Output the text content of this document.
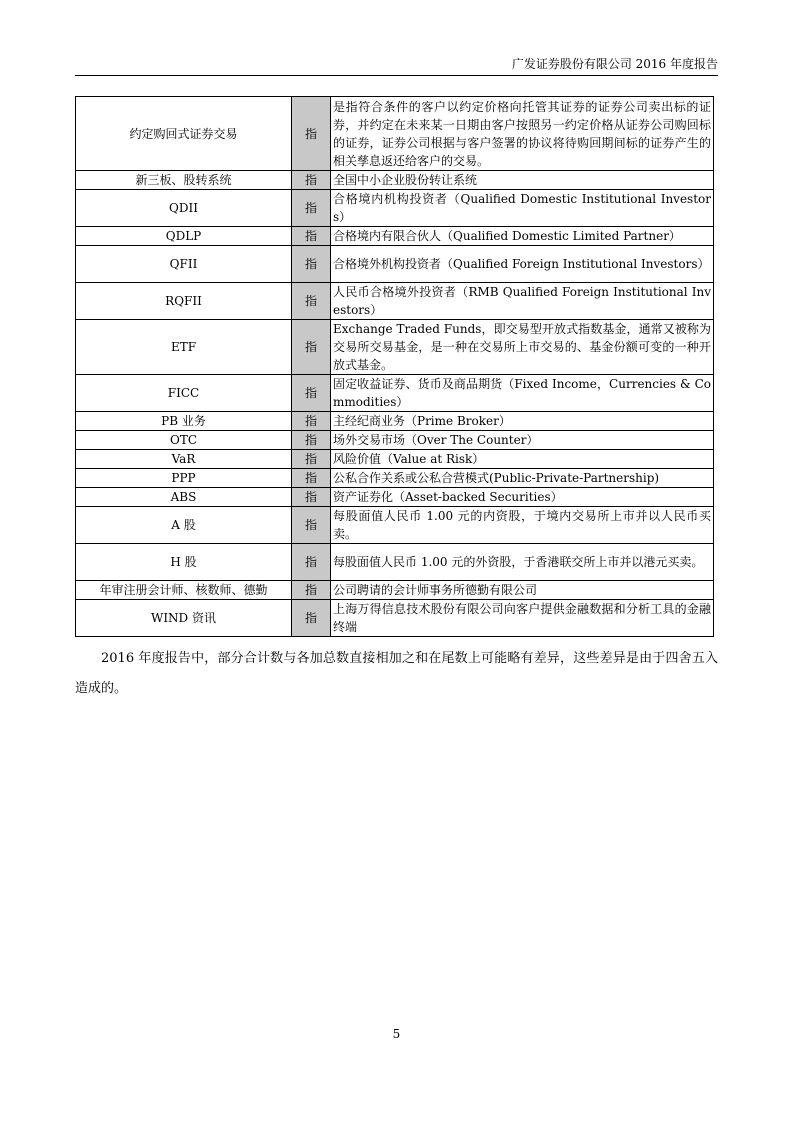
广发证券股份有限公司 2016 年度报告
约定购回式证券交易	指	是指符合条件的客户以约定价格向托管其证券的证券公司卖出标的证券，并约定在未来某一日期由客户按照另一约定价格从证券公司购回标的证券，证券公司根据与客户签署的协议将待购回期间标的证券产生的相关孳息返还给客户的交易。
新三板、股转系统	指	全国中小企业股份转让系统
QDII	指	合格境内机构投资者（Qualified Domestic Institutional Investors）
QDLP	指	合格境内有限合伙人（Qualified Domestic Limited Partner）
QFII	指	合格境外机构投资者（Qualified Foreign Institutional Investors）
RQFII	指	人民币合格境外投资者（RMB Qualified Foreign Institutional Investors）
ETF	指	Exchange Traded Funds，即交易型开放式指数基金，通常又被称为交易所交易基金，是一种在交易所上市交易的、基金份额可变的一种开放式基金。
FICC	指	固定收益证券、货币及商品期货（Fixed Income，Currencies & Commodities）
PB 业务	指	主经纪商业务（Prime Broker）
OTC	指	场外交易市场（Over The Counter）
VaR	指	风险价值（Value at Risk）
PPP	指	公私合作关系或公私合营模式(Public-Private-Partnership)
ABS	指	资产证券化（Asset-backed Securities）
A 股	指	每股面值人民币 1.00 元的内资股，于境内交易所上市并以人民币买卖。
H 股	指	每股面值人民币 1.00 元的外资股，于香港联交所上市并以港元买卖。
年审注册会计师、核数师、德勤	指	公司聘请的会计师事务所德勤有限公司
WIND 资讯	指	上海万得信息技术股份有限公司向客户提供金融数据和分析工具的金融终端

2016 年度报告中，部分合计数与各加总数直接相加之和在尾数上可能略有差异，这些差异是由于四舍五入造成的。

5
